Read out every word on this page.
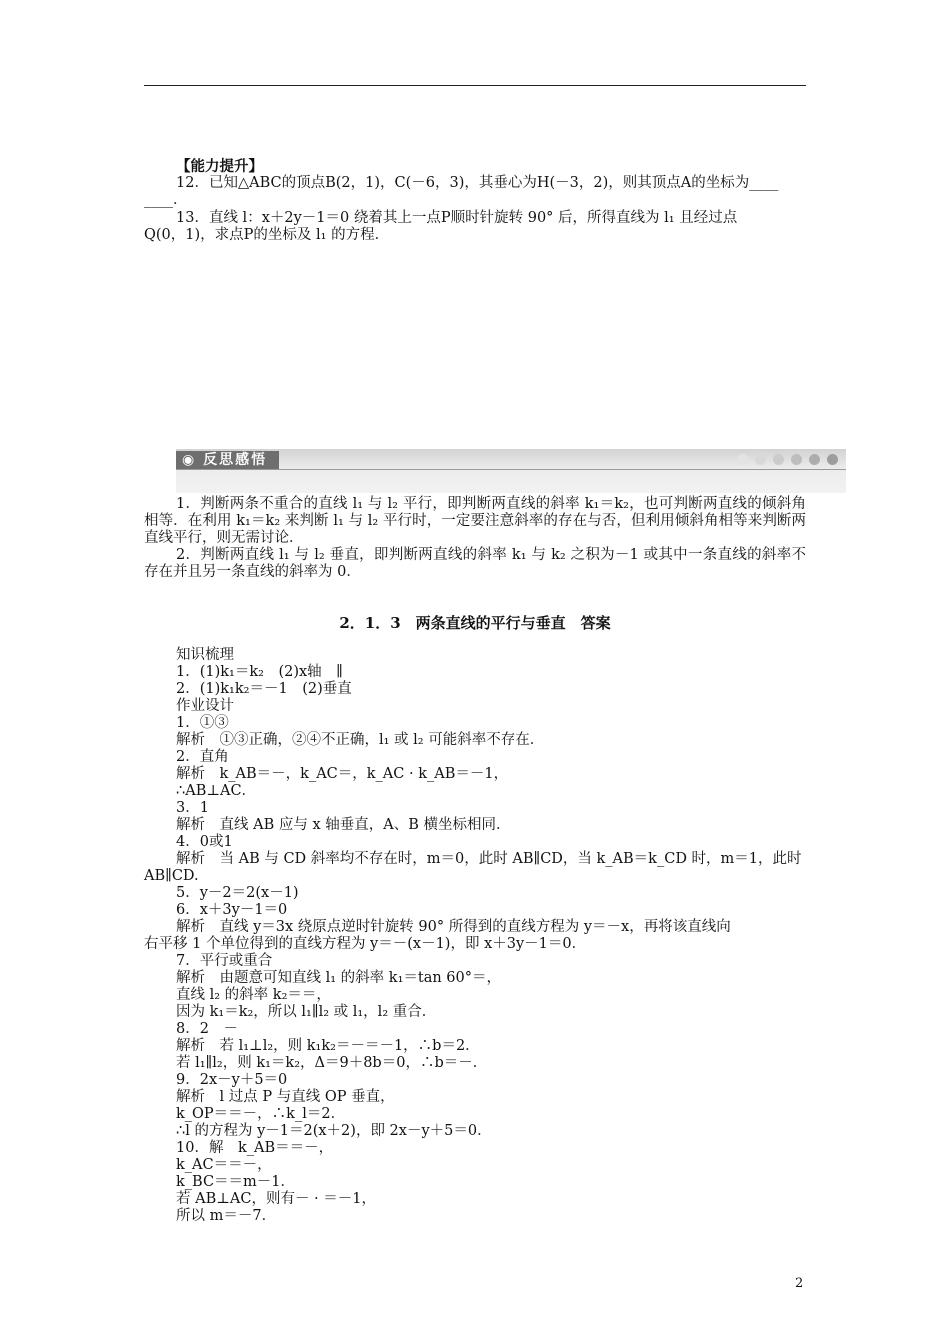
【能力提升】
12．已知△ABC的顶点B(2，1)，C(－6，3)，其垂心为H(－3，2)，则其顶点A的坐标为____
____．
13．直线 l：x＋2y－1＝0 绕着其上一点P顺时针旋转 90° 后，所得直线为 l₁ 且经过点
Q(0，1)，求点P的坐标及 l₁ 的方程．
◉ 反思感悟
1．判断两条不重合的直线 l₁ 与 l₂ 平行，即判断两直线的斜率 k₁＝k₂，也可判断两直线的倾斜角相等．在利用 k₁＝k₂ 来判断 l₁ 与 l₂ 平行时，一定要注意斜率的存在与否，但利用倾斜角相等来判断两直线平行，则无需讨论．
2．判断两直线 l₁ 与 l₂ 垂直，即判断两直线的斜率 k₁ 与 k₂ 之积为－1 或其中一条直线的斜率不存在并且另一条直线的斜率为 0．
2．1．3　两条直线的平行与垂直　答案
知识梳理
1．(1)k₁＝k₂　(2)x轴　∥
2．(1)k₁k₂＝－1　(2)垂直
作业设计
1．①③
解析　①③正确，②④不正确，l₁ 或 l₂ 可能斜率不存在．
2．直角
解析　k_AB＝－，k_AC＝，k_AC · k_AB＝－1，
∴AB⊥AC．
3．1
解析　直线 AB 应与 x 轴垂直，A、B 横坐标相同．
4．0或1
解析　当 AB 与 CD 斜率均不存在时，m＝0，此时 AB∥CD，当 k_AB＝k_CD 时，m＝1，此时
AB∥CD.
5．y－2＝2(x－1)
6．x＋3y－1＝0
解析　直线 y＝3x 绕原点逆时针旋转 90° 所得到的直线方程为 y＝－x，再将该直线向
右平移 1 个单位得到的直线方程为 y＝－(x－1)，即 x＋3y－1＝0．
7．平行或重合
解析　由题意可知直线 l₁ 的斜率 k₁＝tan 60°＝，
直线 l₂ 的斜率 k₂＝＝，
因为 k₁＝k₂，所以 l₁∥l₂ 或 l₁，l₂ 重合．
8．2　－
解析　若 l₁⊥l₂，则 k₁k₂＝－＝－1，∴b＝2．
若 l₁∥l₂，则 k₁＝k₂，Δ＝9＋8b＝0，∴b＝－．
9．2x－y＋5＝0
解析　l 过点 P 与直线 OP 垂直，
k_OP＝＝－，∴k_l＝2．
∴l 的方程为 y－1＝2(x＋2)，即 2x－y＋5＝0．
10．解　k_AB＝＝－，
k_AC＝＝－，
k_BC＝＝m－1．
若 AB⊥AC，则有－ · ＝－1，
所以 m＝－7．
2
